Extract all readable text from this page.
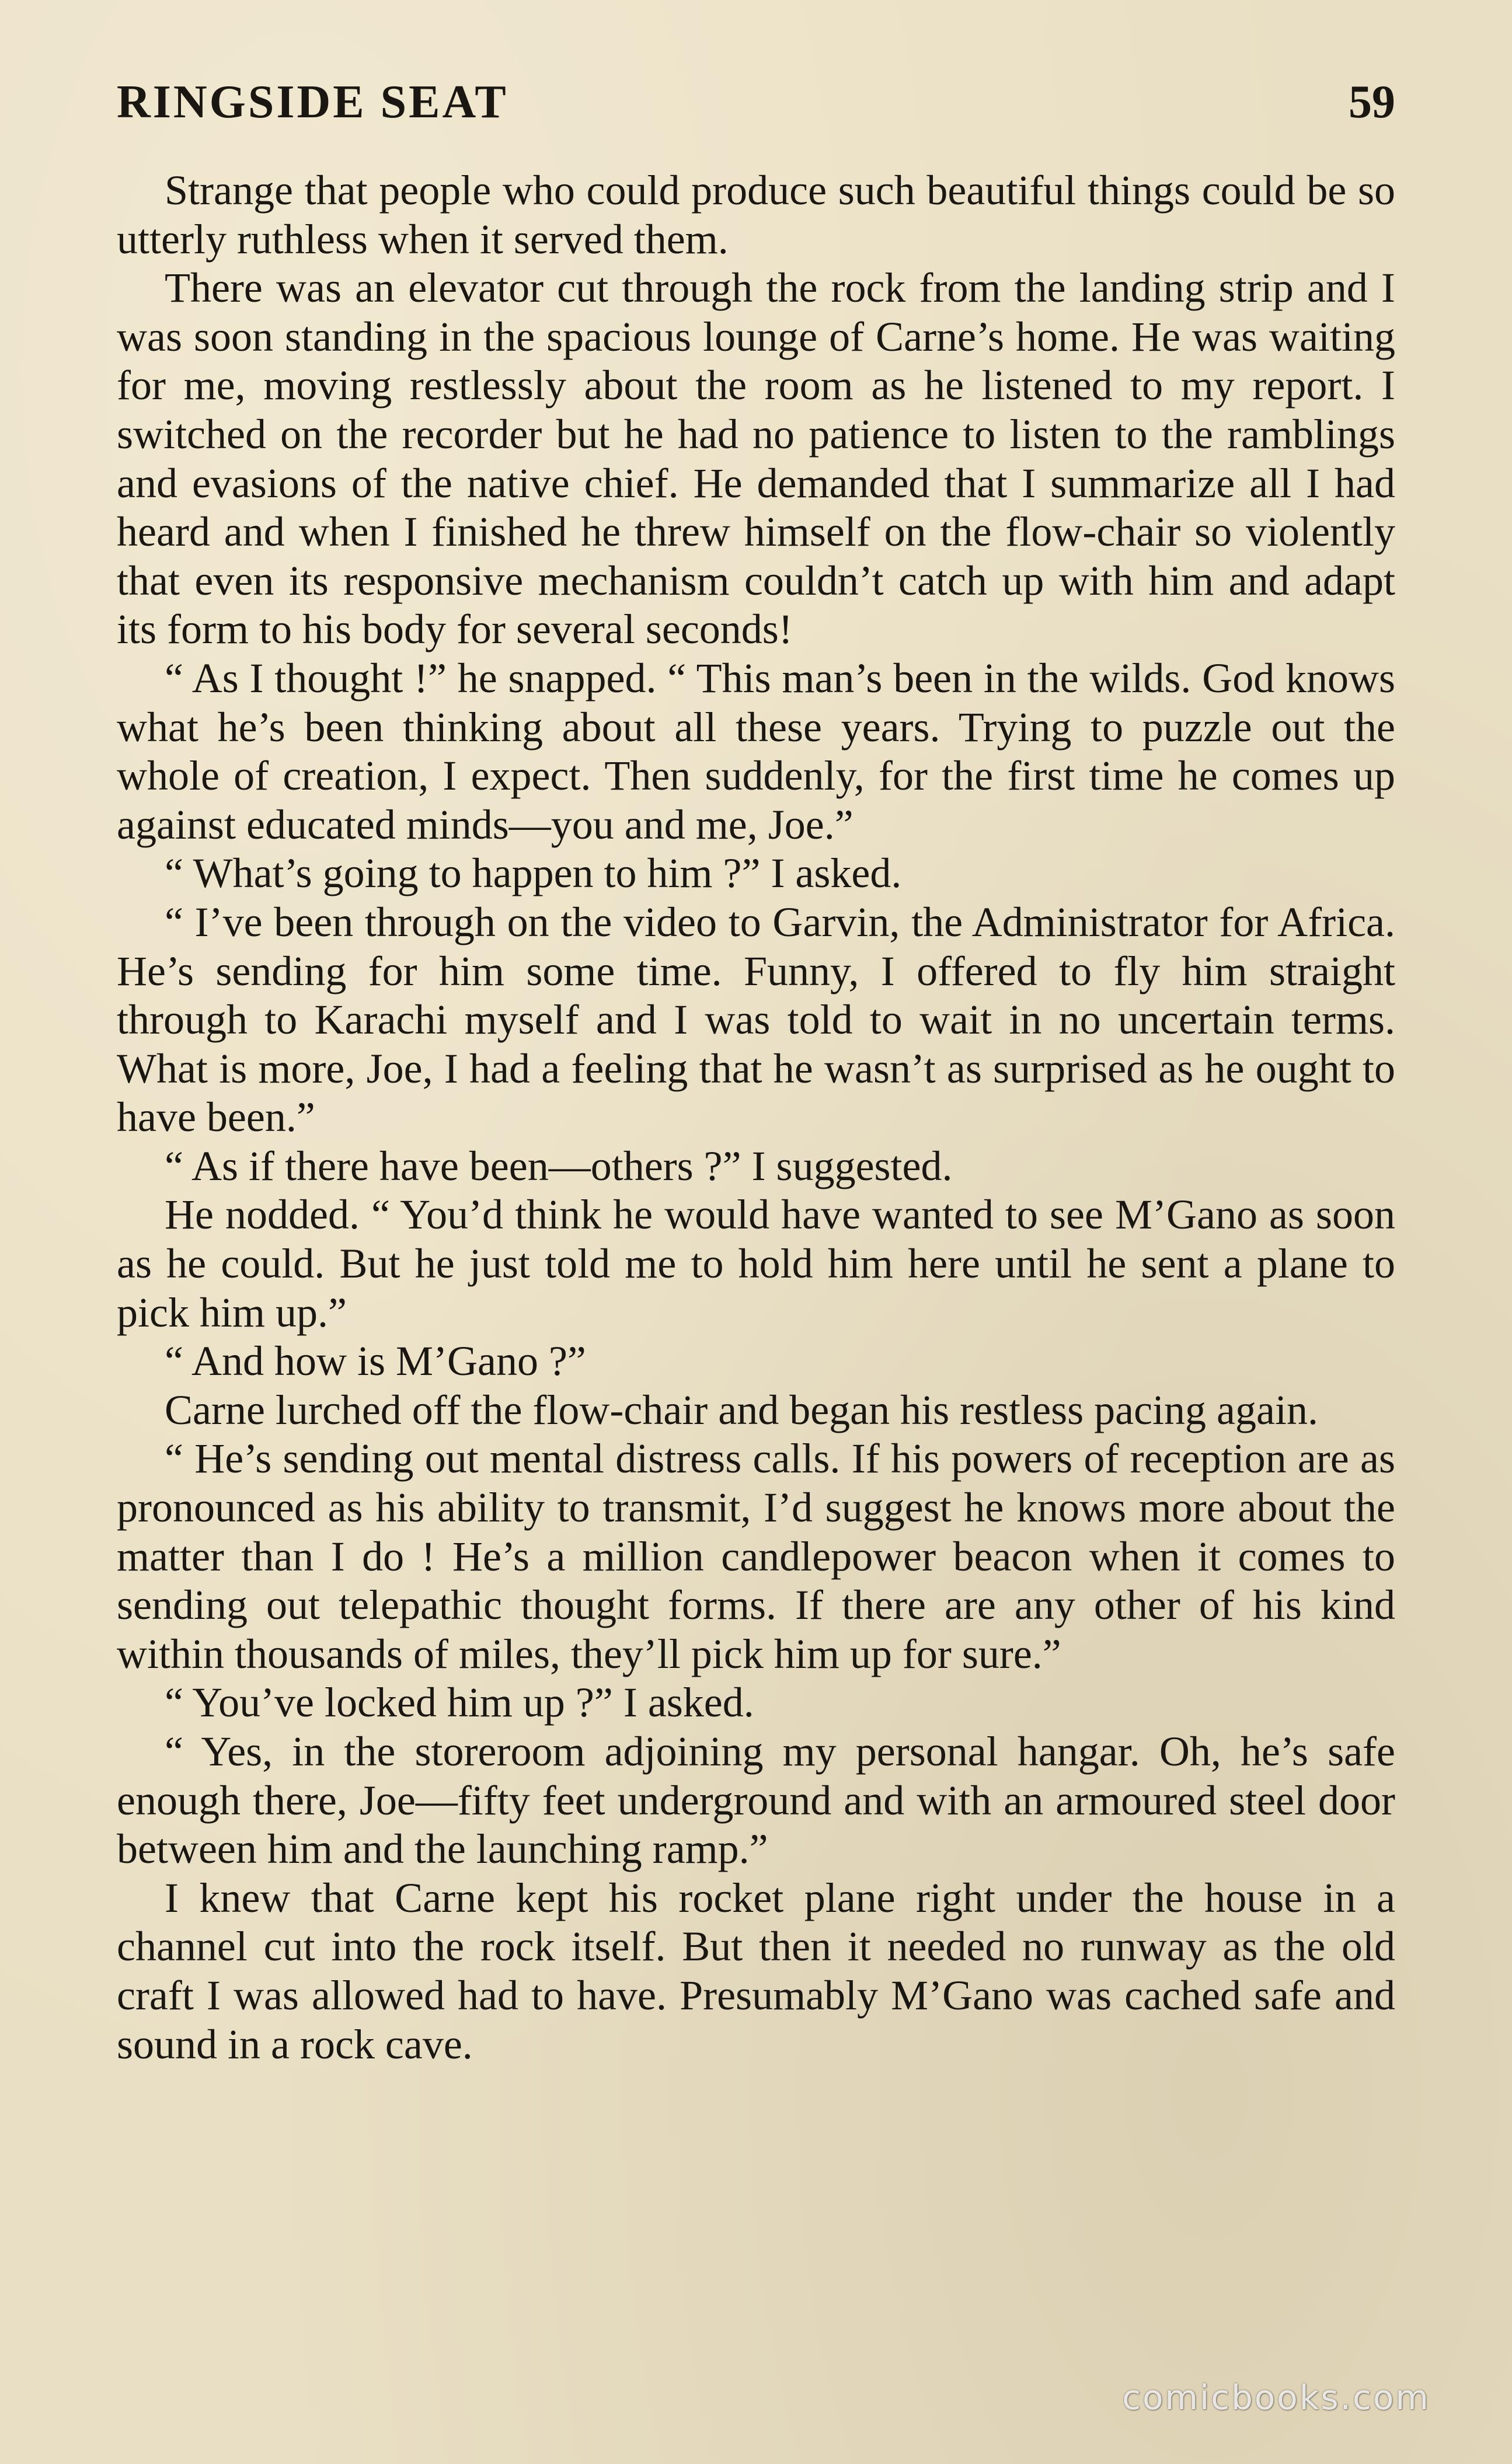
RINGSIDE SEAT	59

Strange that people who could produce such beautiful things could be so utterly ruthless when it served them.

There was an elevator cut through the rock from the landing strip and I was soon standing in the spacious lounge of Carne’s home. He was waiting for me, moving restlessly about the room as he listened to my report. I switched on the recorder but he had no patience to listen to the ramblings and evasions of the native chief. He demanded that I summarize all I had heard and when I finished he threw himself on the flow-chair so violently that even its responsive mechanism couldn’t catch up with him and adapt its form to his body for several seconds!

“ As I thought !” he snapped. “ This man’s been in the wilds. God knows what he’s been thinking about all these years. Trying to puzzle out the whole of creation, I expect. Then suddenly, for the first time he comes up against educated minds—you and me, Joe.”

“ What’s going to happen to him ?” I asked.

“ I’ve been through on the video to Garvin, the Administrator for Africa. He’s sending for him some time. Funny, I offered to fly him straight through to Karachi myself and I was told to wait in no uncertain terms. What is more, Joe, I had a feeling that he wasn’t as surprised as he ought to have been.”

“ As if there have been—others ?” I suggested.

He nodded. “ You’d think he would have wanted to see M’Gano as soon as he could. But he just told me to hold him here until he sent a plane to pick him up.”

“ And how is M’Gano ?”

Carne lurched off the flow-chair and began his restless pacing again.

“ He’s sending out mental distress calls. If his powers of reception are as pronounced as his ability to transmit, I’d suggest he knows more about the matter than I do ! He’s a million candlepower beacon when it comes to sending out telepathic thought forms. If there are any other of his kind within thousands of miles, they’ll pick him up for sure.”

“ You’ve locked him up ?” I asked.

“ Yes, in the storeroom adjoining my personal hangar. Oh, he’s safe enough there, Joe—fifty feet underground and with an armoured steel door between him and the launching ramp.”

I knew that Carne kept his rocket plane right under the house in a channel cut into the rock itself. But then it needed no runway as the old craft I was allowed had to have. Presumably M’Gano was cached safe and sound in a rock cave.

comicbooks.com
